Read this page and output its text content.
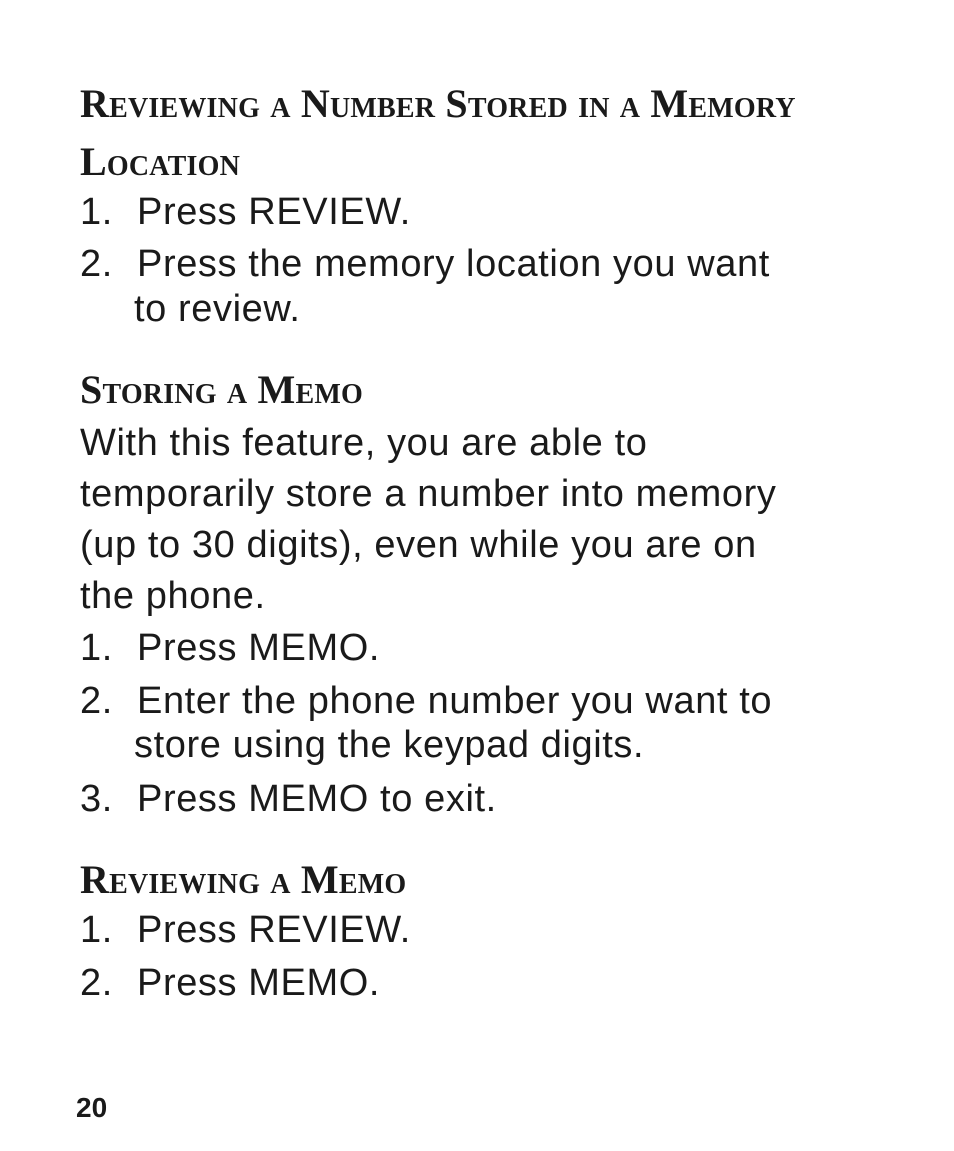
Reviewing a Number Stored in a Memory
Location

1. Press REVIEW.

2. Press the memory location you want

to review.

Storing a Memo

With this feature, you are able to

temporarily store a number into memory

(up to 30 digits), even while you are on

the phone.

1. Press MEMO.

2. Enter the phone number you want to

store using the keypad digits.

3. Press MEMO to exit.

Reviewing a Memo

1. Press REVIEW.

2. Press MEMO.

20
